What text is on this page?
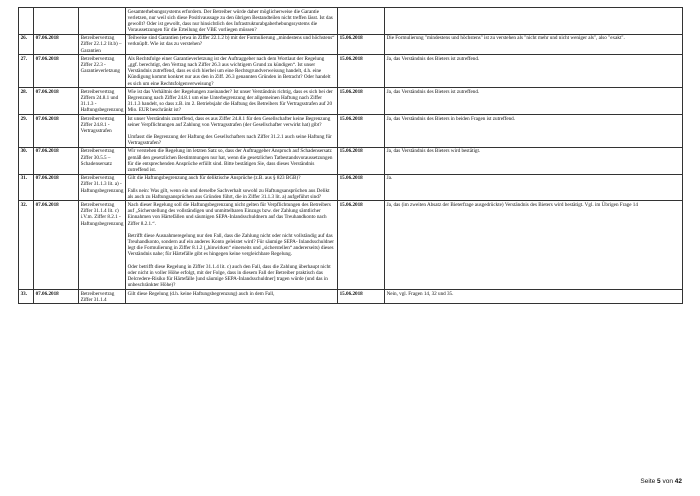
			Gesamterhebungssystems erfordern. Der Betreiber würde daher möglicherweise die Garantie verletzen, nur weil sich diese Positivaussage zu den übrigen Bestandteilen nicht treffen lässt. Ist das gewollt? Oder ist gewollt, dass nur hinsichtlich des Infrastrukturabgaberhebungssystems die Voraussetzungen für die Erteilung der VBE vorliegen müssen?		
26.	07.06.2018	Betreibervertrag Ziffer 22.1.2 lit.b) – Garantien	Teilweise sind Garantien (etwa in Ziffer 22.1.2 b) mit der Formulierung „mindestens und höchstens“ verknüpft. Wie ist das zu verstehen?	15.06.2018	Die Formulierung "mindestens und höchstens" ist zu verstehen als "nicht mehr und nicht weniger als", also "exakt".
27.	07.06.2018	Betreibervertrag Ziffer 22.3 - Garantieverletzung	Als Rechtsfolge einer Garantieverletzung ist der Auftraggeber nach dem Wortlaut der Regelung „ggf. berechtigt, den Vertrag nach Ziffer 26.3 aus wichtigem Grund zu kündigen“. Ist unser Verständnis zutreffend, dass es sich hierbei um eine Rechtsgrundverweisung handelt, d.h. eine Kündigung kommt konkret nur aus den in Ziff. 26.3 genannten Gründen in Betracht? Oder handelt es sich um eine Rechtsfolgenverweisung?	15.06.2018	Ja, das Verständnis des Bieters ist zutreffend.
28.	07.06.2018	Betreibervertrag Ziffern 24.8.1 und 31.1.3 - Haftungsbegrenzung	Wie ist das Verhältnis der Regelungen zueinander? Ist unser Verständnis richtig, dass es sich bei der Begrenzung nach Ziffer 24.8.1 um eine Unterbegrenzung der allgemeinen Haftung nach Ziffer 31.1.3 handelt, so dass z.B. im 2. Betriebsjahr die Haftung des Betreibers für Vertragsstrafen auf 20 Mio. EUR beschränkt ist?	15.06.2018	Ja, das Verständnis des Bieters ist zutreffend.
29.	07.06.2018	Betreibervertrag Ziffer 24.8.1 - Vertragsstrafen	Ist unser Verständnis zutreffend, dass es aus Ziffer 24.8.1 für den Gesellschafter keine Begrenzung seiner Verpflichtungen auf Zahlung von Vertragsstrafen (der Gesellschafter verwirkt hat) gibt?

Umfasst die Begrenzung der Haftung des Gesellschafters nach Ziffer 31.2.1 auch seine Haftung für Vertragsstrafen?	15.06.2018	Ja, das Verständnis des Bieters in beiden Fragen ist zutreffend.
30.	07.06.2018	Betreibervertrag Ziffer 30.5.5 – Schadensersatz	Wir verstehen die Regelung im letzten Satz so, dass der Auftraggeber Anspruch auf Schadensersatz gemäß den gesetzlichen Bestimmungen nur hat, wenn die gesetzlichen Tatbestandsvoraussetzungen für die entsprechenden Ansprüche erfüllt sind. Bitte bestätigen Sie, dass dieses Verständnis zutreffend ist.	15.06.2018	Ja, das Verständnis des Bieters wird bestätigt.
31.	07.06.2018	Betreibervertrag Ziffer 31.1.3 lit. a) - Haftungsbegrenzung	Gilt die Haftungsbegrenzung auch für deliktische Ansprüche (z.B. aus § 823 BGB)?

Falls nein: Was gilt, wenn ein und derselbe Sachverhalt sowohl zu Haftungsansprüchen aus Delikt als auch zu Haftungsansprüchen aus Gründen führt, die in Ziffer 31.1.3 lit. a) aufgeführt sind?	15.06.2018	Ja.
32.	07.06.2018	Betreibervertrag Ziffer 31.1.4 lit. c) i.V.m. Ziffer 8.2.1 - Haftungsbegrenzung	Nach dieser Regelung soll die Haftungsbegrenzung nicht gelten für Verpflichtungen des Betreibers auf „Sicherstellung des vollständigen und unmittelbaren Einzugs bzw. der Zahlung sämtlicher Einnahmen von Härtefällen und säumigen SEPA-Inlandsschuldnern auf das Treuhandkonto nach Ziffer 8.2.1.“.

Betrifft diese Ausnahmeregelung nur den Fall, dass die Zahlung nicht oder nicht vollständig auf das Treuhandkonto, sondern auf ein anderes Konto geleistet wird? Für säumige SEPA- Inlandsschuldner legt die Formulierung in Ziffer 8.1.2 („hinwirken“ einerseits und „sicherstellen“ andererseits) dieses Verständnis nahe; für Härtefälle gibt es hingegen keine vergleichbare Regelung.

Oder betrifft diese Regelung in Ziffer 31.1.4 lit. c) auch den Fall, dass die Zahlung überhaupt nicht oder nicht in voller Höhe erfolgt, mit der Folge, dass in diesem Fall der Betreiber praktisch das Delcredere-Risiko für Härtefälle [und säumige SEPA-Inlandsschuldner] tragen würde (und das in unbeschränkter Höhe)?	15.06.2018	Ja, das (im zweiten Absatz der Bieterfrage ausgedrückte) Verständnis des Bieters wird bestätigt. Vgl. im Übrigen Frage 14
33.	07.06.2018	Betreibervertrag Ziffer 31.1.4	Gilt diese Regelung (d.h. keine Haftungsbegrenzung) auch in dem Fall,	15.06.2018	Nein, vgl. Fragen 14, 32 und 35.
Seite 5 von 42
